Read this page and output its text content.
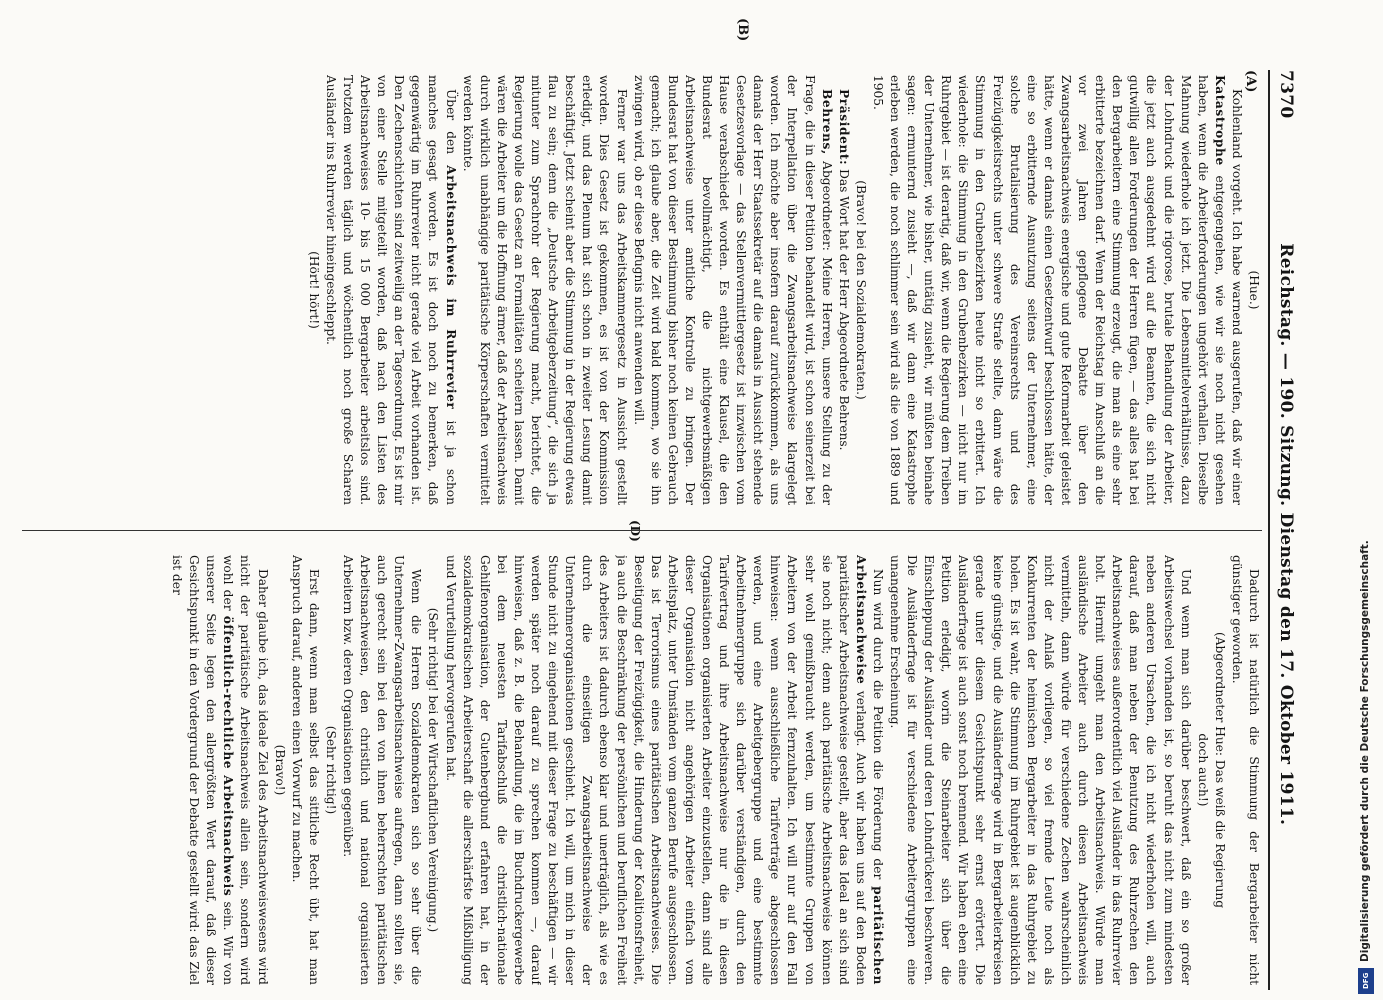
7370
Reichstag. — 190. Sitzung. Dienstag den 17. Oktober 1911.
(A)
(B)

(Hue.)

Kohlenland vorgeht. Ich habe warnend ausgerufen, daß wir einer Katastrophe entgegengehen, wie wir sie noch nicht gesehen haben, wenn die Arbeiterforderungen ungehört verhallen. Dieselbe Mahnung wiederhole ich jetzt. Die Lebensmittelverhältnisse, dazu der Lohndruck und die rigorose, brutale Behandlung der Arbeiter, die jetzt auch ausgedehnt wird auf die Beamten, die sich nicht gutwillig allen Forderungen der Herren fügen, — das alles hat bei den Bergarbeitern eine Stimmung erzeugt, die man als eine sehr erbitterte bezeichnen darf. Wenn der Reichstag im Anschluß an die vor zwei Jahren gepflogene Debatte über den Zwangsarbeitsnachweis energische und gute Reformarbeit geleistet hätte, wenn er damals einen Gesetzentwurf beschlossen hätte, der eine so erbitternde Ausnutzung seitens der Unternehmer, eine solche Brutalisierung des Vereinsrechts und des Freizügigkeitsrechts unter schwere Strafe stellte, dann wäre die Stimmung in den Grubenbezirken heute nicht so erbittert. Ich wiederhole: die Stimmung in den Grubenbezirken — nicht nur im Ruhrgebiet — ist derartig, daß wir, wenn die Regierung dem Treiben der Unternehmer, wie bisher, untätig zusieht, wir müßten beinahe sagen: ermunternd zusieht —, daß wir dann eine Katastrophe erleben werden, die noch schlimmer sein wird als die von 1889 und 1905.

(Bravo! bei den Sozialdemokraten.)

Präsident: Das Wort hat der Herr Abgeordnete Behrens.

Behrens, Abgeordneter: Meine Herren, unsere Stellung zu der Frage, die in dieser Petition behandelt wird, ist schon seinerzeit bei der Interpellation über die Zwangsarbeitsnachweise klargelegt worden. Ich möchte aber insofern darauf zurückkommen, als uns damals der Herr Staatssekretär auf die damals in Aussicht stehende Gesetzesvorlage — das Stellenvermittlergesetz ist inzwischen vom Hause verabschiedet worden. Es enthält eine Klausel, die den Bundesrat bevollmächtigt, die nichtgewerbsmäßigen Arbeitsnachweise unter amtliche Kontrolle zu bringen. Der Bundesrat hat von dieser Bestimmung bisher noch keinen Gebrauch gemacht; ich glaube aber, die Zeit wird bald kommen, wo sie ihn zwingen wird, ob er diese Befugnis nicht anwenden will.

Ferner war uns das Arbeitskammergesetz in Aussicht gestellt worden. Dies Gesetz ist gekommen, es ist von der Kommission erledigt, und das Plenum hat sich schon in zweiter Lesung damit beschäftigt. Jetzt scheint aber die Stimmung in der Regierung etwas flau zu sein; denn die „Deutsche Arbeitgeberzeitung“, die sich ja mitunter zum Sprachrohr der Regierung macht, berichtet, die Regierung wolle das Gesetz an Formalitäten scheitern lassen. Damit wären die Arbeiter um die Hoffnung ärmer, daß der Arbeitsnachweis durch wirklich unabhängige paritätische Körperschaften vermittelt werden könnte.

Über den Arbeitsnachweis im Ruhrrevier ist ja schon manches gesagt worden. Es ist doch noch zu bemerken, daß gegenwärtig im Ruhrrevier nicht gerade viel Arbeit vorhanden ist. Den Zechenschichten sind zeitweilig an der Tagesordnung. Es ist mir von einer Stelle mitgeteilt worden, daß nach den Listen des Arbeitsnachweises 10- bis 15 000 Bergarbeiter arbeitslos sind. Trotzdem werden täglich und wöchentlich noch große Scharen Ausländer ins Ruhrrevier hineingeschleppt.

(Hört! hört!)

Dadurch ist natürlich die Stimmung der Bergarbeiter nicht günstiger geworden.

(Abgeordneter Hue: Das weiß die Regierung

doch auch!)

Und wenn man sich darüber beschwert, daß ein so großer Arbeitswechsel vorhanden ist, so beruht das nicht zum mindesten neben anderen Ursachen, die ich nicht wiederholen will, auch darauf, daß man neben der Benutzung des Ruhrzechen den Arbeitsnachweises außerordentlich viel Ausländer in das Ruhrrevier holt. Hiermit umgeht man den Arbeitsnachweis. Würde man ausländische Arbeiter auch durch diesen Arbeitsnachweis vermitteln, dann würde für verschiedene Zechen wahrscheinlich nicht der Anlaß vorliegen, so viel fremde Leute noch als Konkurrenten der heimischen Bergarbeiter in das Ruhrgebiet zu holen. Es ist wahr, die Stimmung im Ruhrgebiet ist augenblicklich keine günstige, und die Ausländerfrage wird in Bergarbeiterkreisen gerade unter diesem Gesichtspunkt sehr ernst erörtert. Die Ausländerfrage ist auch sonst noch brennend. Wir haben eben eine Petition erledigt, worin die Steinarbeiter sich über die Einschleppung der Ausländer und deren Lohndrückerei beschweren. Die Ausländerfrage ist für verschiedene Arbeitergruppen eine unangenehme Erscheinung.

Nun wird durch die Petition die Förderung der paritätischen Arbeitsnachweise verlangt. Auch wir haben uns auf den Boden paritätischer Arbeitsnachweise gestellt, aber das Ideal an sich sind sie noch nicht; denn auch paritätische Arbeitsnachweise können sehr wohl gemißbraucht werden, um bestimmte Gruppen von Arbeitern von der Arbeit fernzuhalten. Ich will nur auf den Fall hinweisen: wenn ausschließliche Tarifverträge abgeschlossen werden, und eine Arbeitgebergruppe und eine bestimmte Arbeitnehmergruppe sich darüber verständigen, durch den Tarifvertrag und ihre Arbeitsnachweise nur die in diesen Organisationen organisierten Arbeiter einzustellen, dann sind alle dieser Organisation nicht angehörigen Arbeiter einfach vom Arbeitsplatz, unter Umständen vom ganzen Berufe ausgeschlossen. Das ist Terrorismus eines paritätischen Arbeitsnachweises. Die Beseitigung der Freizügigkeit, die Hinderung der Koalitionsfreiheit, ja auch die Beschränkung der persönlichen und beruflichen Freiheit des Arbeiters ist dadurch ebenso klar und unerträglich, als wie es durch die einseitigen Zwangsarbeitsnachweise der Unternehmerorganisationen geschieht. Ich will, um mich in dieser Stunde nicht zu eingehend mit dieser Frage zu beschäftigen — wir werden später noch darauf zu sprechen kommen —, darauf hinweisen, daß z. B. die Behandlung, die im Buchdruckergewerbe bei dem neuesten Tarifabschluß die christlich-nationale Gehilfenorganisation, der Gutenbergbund erfahren hat, in der sozialdemokratischen Arbeiterschaft die allerschärfste Mißbilligung und Verurteilung hervorgerufen hat.

(Sehr richtig! bei der Wirtschaftlichen Vereinigung.)

Wenn die Herren Sozialdemokraten sich so sehr über die Unternehmer-Zwangsarbeitsnachweise aufregen, dann sollten sie, auch gerecht sein bei den von ihnen beherrschten paritätischen Arbeitsnachweisen, den christlich und national organisierten Arbeitern bzw. deren Organisationen gegenüber.

(Sehr richtig!)

Erst dann, wenn man selbst das sittliche Recht übt, hat man Anspruch darauf, anderen einen Vorwurf zu machen.

(Bravo!)

Daher glaube ich, das ideale Ziel des Arbeitsnachweiswesens wird nicht der paritätische Arbeitsnachweis allein sein, sondern wird wohl der öffentlich-rechtliche Arbeitsnachweis sein. Wir von unserer Seite legen den allergrößten Wert darauf, daß dieser Gesichtspunkt in den Vordergrund der Debatte gestellt wird: das Ziel ist der	Digitalisierung gefördert durch die Deutsche Forschungsgemeinschaft.
DFG
